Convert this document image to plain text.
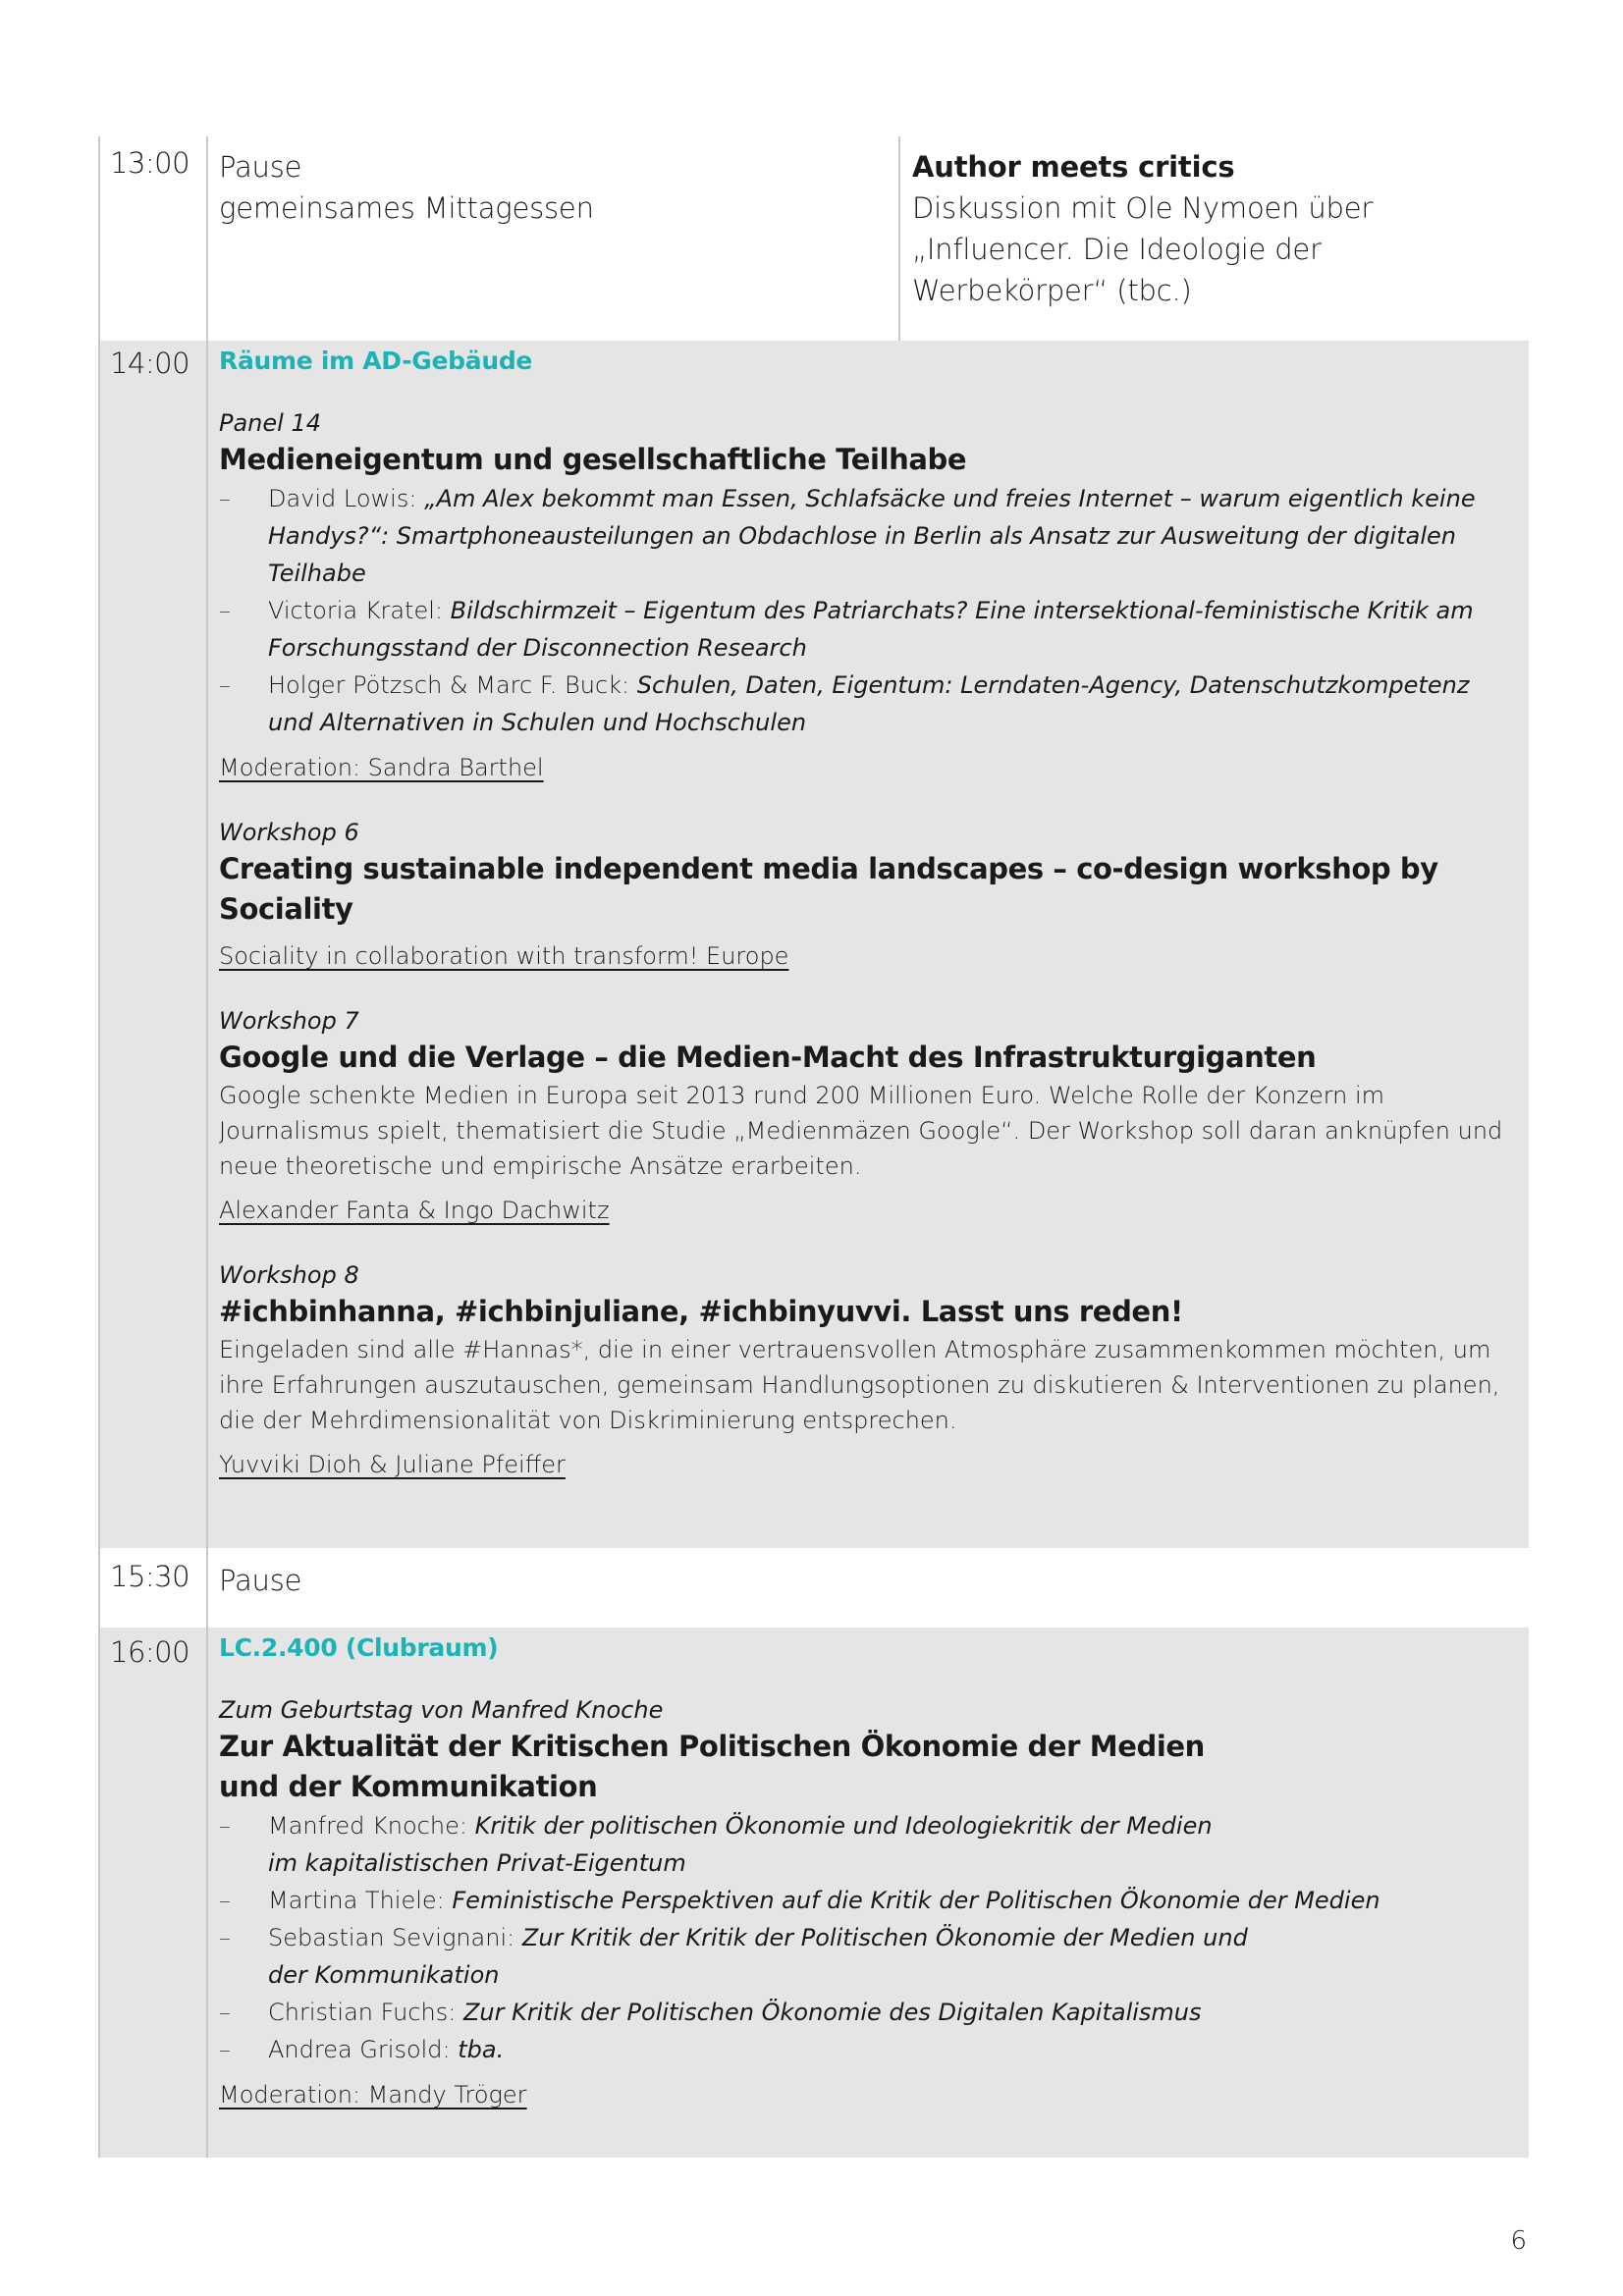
13:00 Pause
gemeinsames Mittagessen
Author meets critics
Diskussion mit Ole Nymoen über
„Influencer. Die Ideologie der
Werbekörper“ (tbc.)
14:00 Räume im AD-Gebäude
Panel 14
Medieneigentum und gesellschaftliche Teilhabe
– David Lowis: „Am Alex bekommt man Essen, Schlafsäcke und freies Internet – warum eigentlich keine Handys?“: Smartphoneausteilungen an Obdachlose in Berlin als Ansatz zur Ausweitung der digitalen Teilhabe
– Victoria Kratel: Bildschirmzeit – Eigentum des Patriarchats? Eine intersektional-feministische Kritik am Forschungsstand der Disconnection Research
– Holger Pötzsch & Marc F. Buck: Schulen, Daten, Eigentum: Lerndaten-Agency, Datenschutzkompetenz und Alternativen in Schulen und Hochschulen
Moderation: Sandra Barthel
Workshop 6
Creating sustainable independent media landscapes – co-design workshop by Sociality
Sociality in collaboration with transform! Europe
Workshop 7
Google und die Verlage – die Medien-Macht des Infrastrukturgiganten
Google schenkte Medien in Europa seit 2013 rund 200 Millionen Euro. Welche Rolle der Konzern im Journalismus spielt, thematisiert die Studie „Medienmäzen Google“. Der Workshop soll daran anknüpfen und neue theoretische und empirische Ansätze erarbeiten.
Alexander Fanta & Ingo Dachwitz
Workshop 8
#ichbinhanna, #ichbinjuliane, #ichbinyuvvi. Lasst uns reden!
Eingeladen sind alle #Hannas*, die in einer vertrauensvollen Atmosphäre zusammenkommen möchten, um ihre Erfahrungen auszutauschen, gemeinsam Handlungsoptionen zu diskutieren & Interventionen zu planen, die der Mehrdimensionalität von Diskriminierung entsprechen.
Yuvviki Dioh & Juliane Pfeiffer
15:30 Pause
16:00 LC.2.400 (Clubraum)
Zum Geburtstag von Manfred Knoche
Zur Aktualität der Kritischen Politischen Ökonomie der Medien
und der Kommunikation
– Manfred Knoche: Kritik der politischen Ökonomie und Ideologiekritik der Medien
im kapitalistischen Privat-Eigentum
– Martina Thiele: Feministische Perspektiven auf die Kritik der Politischen Ökonomie der Medien
– Sebastian Sevignani: Zur Kritik der Kritik der Politischen Ökonomie der Medien und
der Kommunikation
– Christian Fuchs: Zur Kritik der Politischen Ökonomie des Digitalen Kapitalismus
– Andrea Grisold: tba.
Moderation: Mandy Tröger
6
